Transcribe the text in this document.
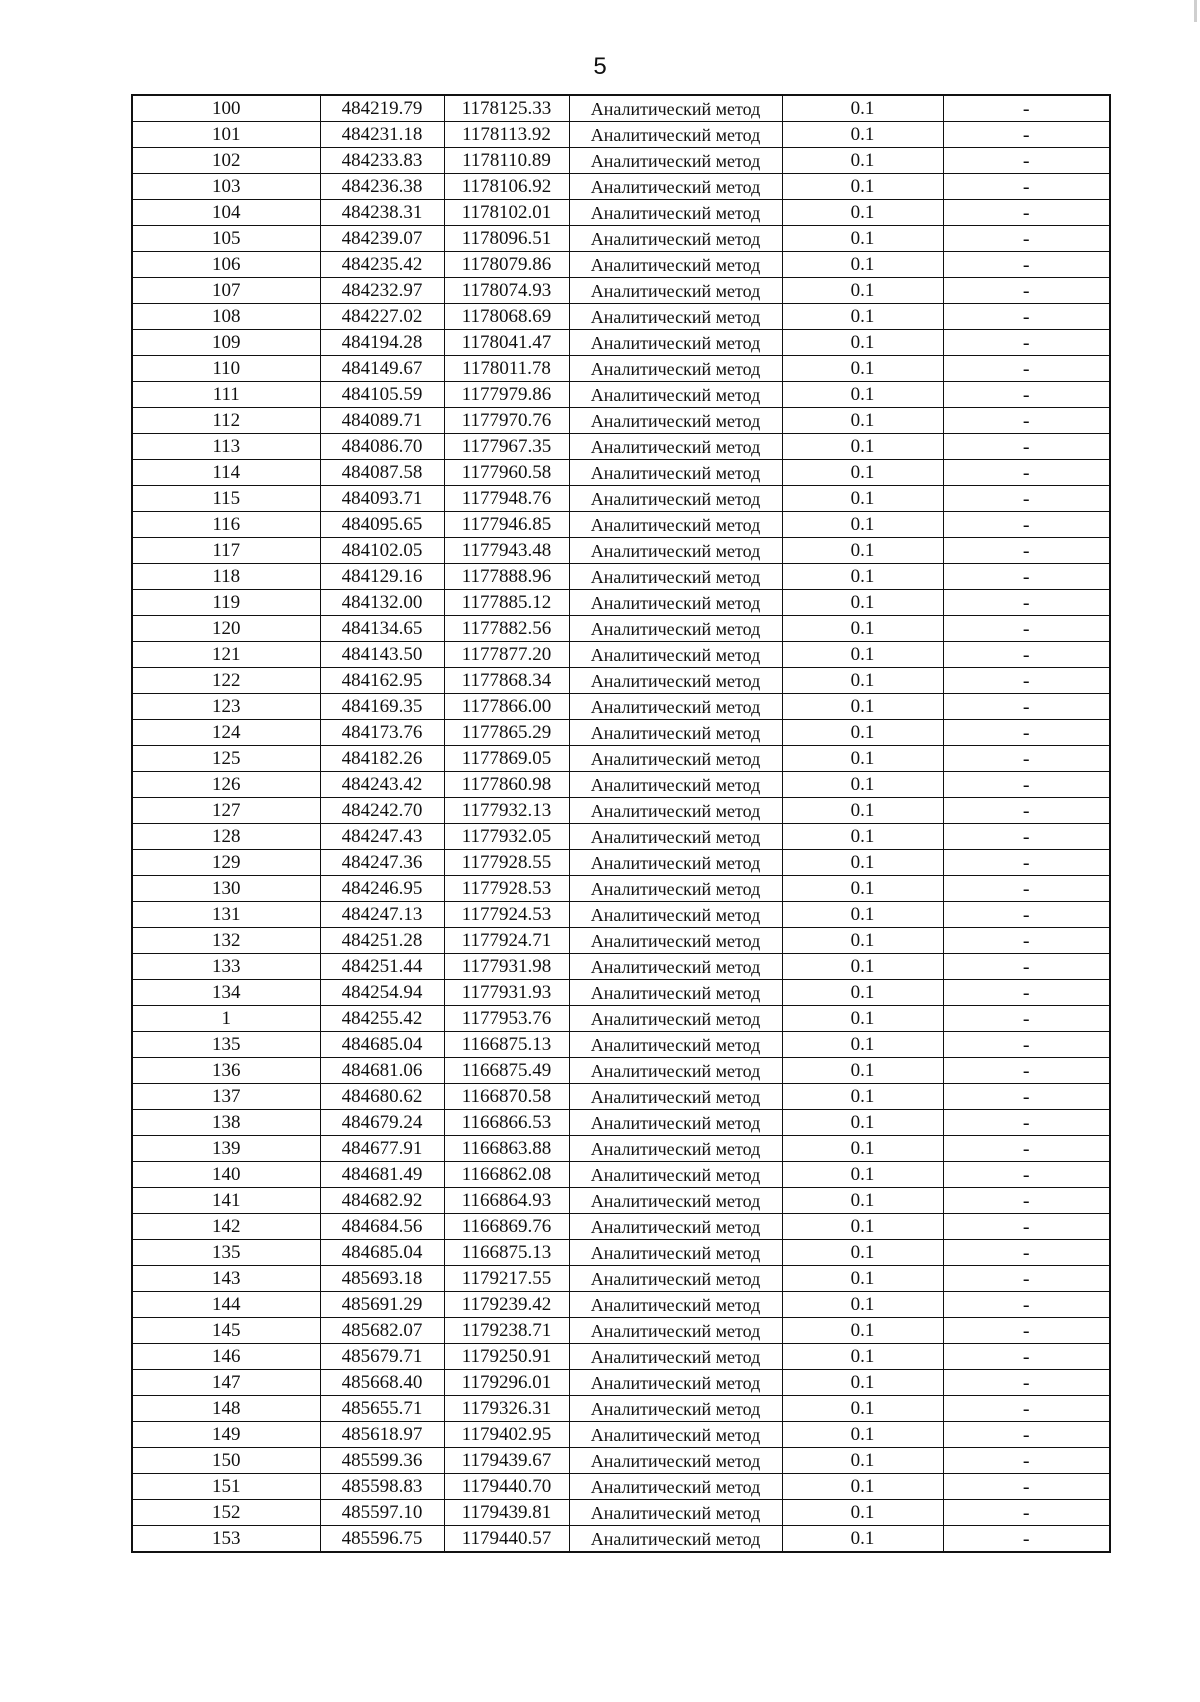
5
100	484219.79	1178125.33	Аналитический метод	0.1	-
101	484231.18	1178113.92	Аналитический метод	0.1	-
102	484233.83	1178110.89	Аналитический метод	0.1	-
103	484236.38	1178106.92	Аналитический метод	0.1	-
104	484238.31	1178102.01	Аналитический метод	0.1	-
105	484239.07	1178096.51	Аналитический метод	0.1	-
106	484235.42	1178079.86	Аналитический метод	0.1	-
107	484232.97	1178074.93	Аналитический метод	0.1	-
108	484227.02	1178068.69	Аналитический метод	0.1	-
109	484194.28	1178041.47	Аналитический метод	0.1	-
110	484149.67	1178011.78	Аналитический метод	0.1	-
111	484105.59	1177979.86	Аналитический метод	0.1	-
112	484089.71	1177970.76	Аналитический метод	0.1	-
113	484086.70	1177967.35	Аналитический метод	0.1	-
114	484087.58	1177960.58	Аналитический метод	0.1	-
115	484093.71	1177948.76	Аналитический метод	0.1	-
116	484095.65	1177946.85	Аналитический метод	0.1	-
117	484102.05	1177943.48	Аналитический метод	0.1	-
118	484129.16	1177888.96	Аналитический метод	0.1	-
119	484132.00	1177885.12	Аналитический метод	0.1	-
120	484134.65	1177882.56	Аналитический метод	0.1	-
121	484143.50	1177877.20	Аналитический метод	0.1	-
122	484162.95	1177868.34	Аналитический метод	0.1	-
123	484169.35	1177866.00	Аналитический метод	0.1	-
124	484173.76	1177865.29	Аналитический метод	0.1	-
125	484182.26	1177869.05	Аналитический метод	0.1	-
126	484243.42	1177860.98	Аналитический метод	0.1	-
127	484242.70	1177932.13	Аналитический метод	0.1	-
128	484247.43	1177932.05	Аналитический метод	0.1	-
129	484247.36	1177928.55	Аналитический метод	0.1	-
130	484246.95	1177928.53	Аналитический метод	0.1	-
131	484247.13	1177924.53	Аналитический метод	0.1	-
132	484251.28	1177924.71	Аналитический метод	0.1	-
133	484251.44	1177931.98	Аналитический метод	0.1	-
134	484254.94	1177931.93	Аналитический метод	0.1	-
1	484255.42	1177953.76	Аналитический метод	0.1	-
135	484685.04	1166875.13	Аналитический метод	0.1	-
136	484681.06	1166875.49	Аналитический метод	0.1	-
137	484680.62	1166870.58	Аналитический метод	0.1	-
138	484679.24	1166866.53	Аналитический метод	0.1	-
139	484677.91	1166863.88	Аналитический метод	0.1	-
140	484681.49	1166862.08	Аналитический метод	0.1	-
141	484682.92	1166864.93	Аналитический метод	0.1	-
142	484684.56	1166869.76	Аналитический метод	0.1	-
135	484685.04	1166875.13	Аналитический метод	0.1	-
143	485693.18	1179217.55	Аналитический метод	0.1	-
144	485691.29	1179239.42	Аналитический метод	0.1	-
145	485682.07	1179238.71	Аналитический метод	0.1	-
146	485679.71	1179250.91	Аналитический метод	0.1	-
147	485668.40	1179296.01	Аналитический метод	0.1	-
148	485655.71	1179326.31	Аналитический метод	0.1	-
149	485618.97	1179402.95	Аналитический метод	0.1	-
150	485599.36	1179439.67	Аналитический метод	0.1	-
151	485598.83	1179440.70	Аналитический метод	0.1	-
152	485597.10	1179439.81	Аналитический метод	0.1	-
153	485596.75	1179440.57	Аналитический метод	0.1	-
